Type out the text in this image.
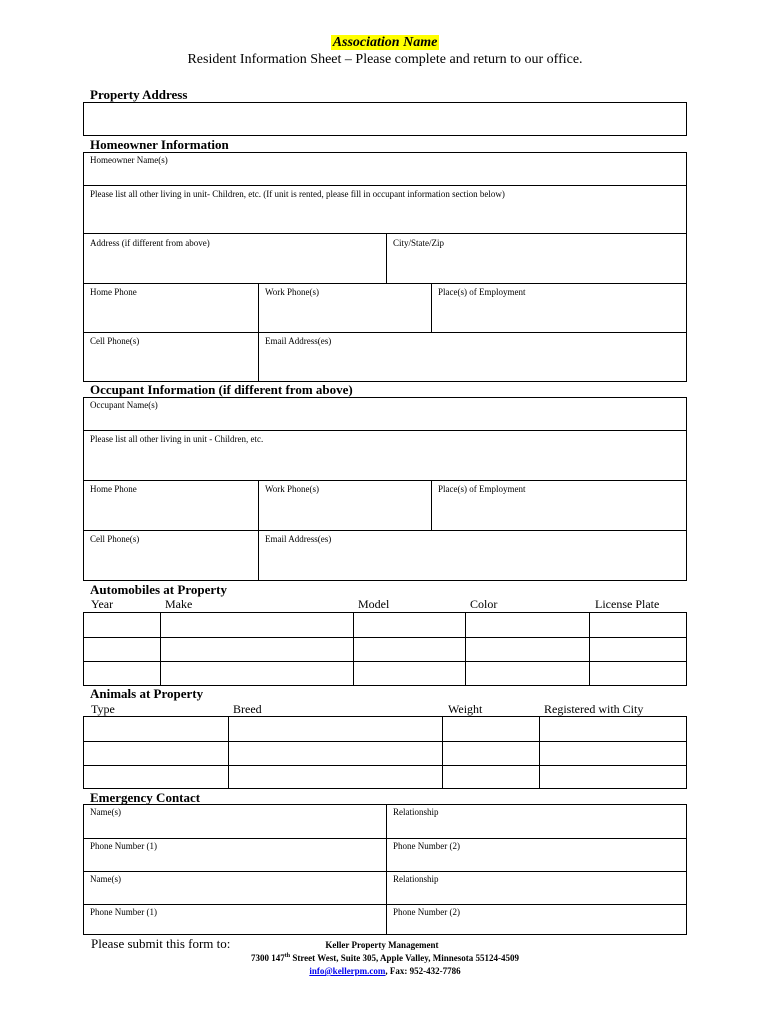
Association Name
Resident Information Sheet – Please complete and return to our office.
Property Address
Homeowner Information
Homeowner Name(s)
Please list all other living in unit- Children, etc. (If unit is rented, please fill in occupant information section below)
Address (if different from above)	City/State/Zip
Home Phone	Work Phone(s)	Place(s) of Employment
Cell Phone(s)	Email Address(es)
Occupant Information (if different from above)
Occupant Name(s)
Please list all other living in unit - Children, etc.
Home Phone	Work Phone(s)	Place(s) of Employment
Cell Phone(s)	Email Address(es)
Automobiles at Property
Year	Make	Model	Color	License Plate
Animals at Property
Type	Breed	Weight	Registered with City
Emergency Contact
Name(s)	Relationship
Phone Number (1)	Phone Number (2)
Name(s)	Relationship
Phone Number (1)	Phone Number (2)
Please submit this form to:	Keller Property Management
7300 147th Street West, Suite 305, Apple Valley, Minnesota 55124-4509
info@kellerpm.com, Fax: 952-432-7786
